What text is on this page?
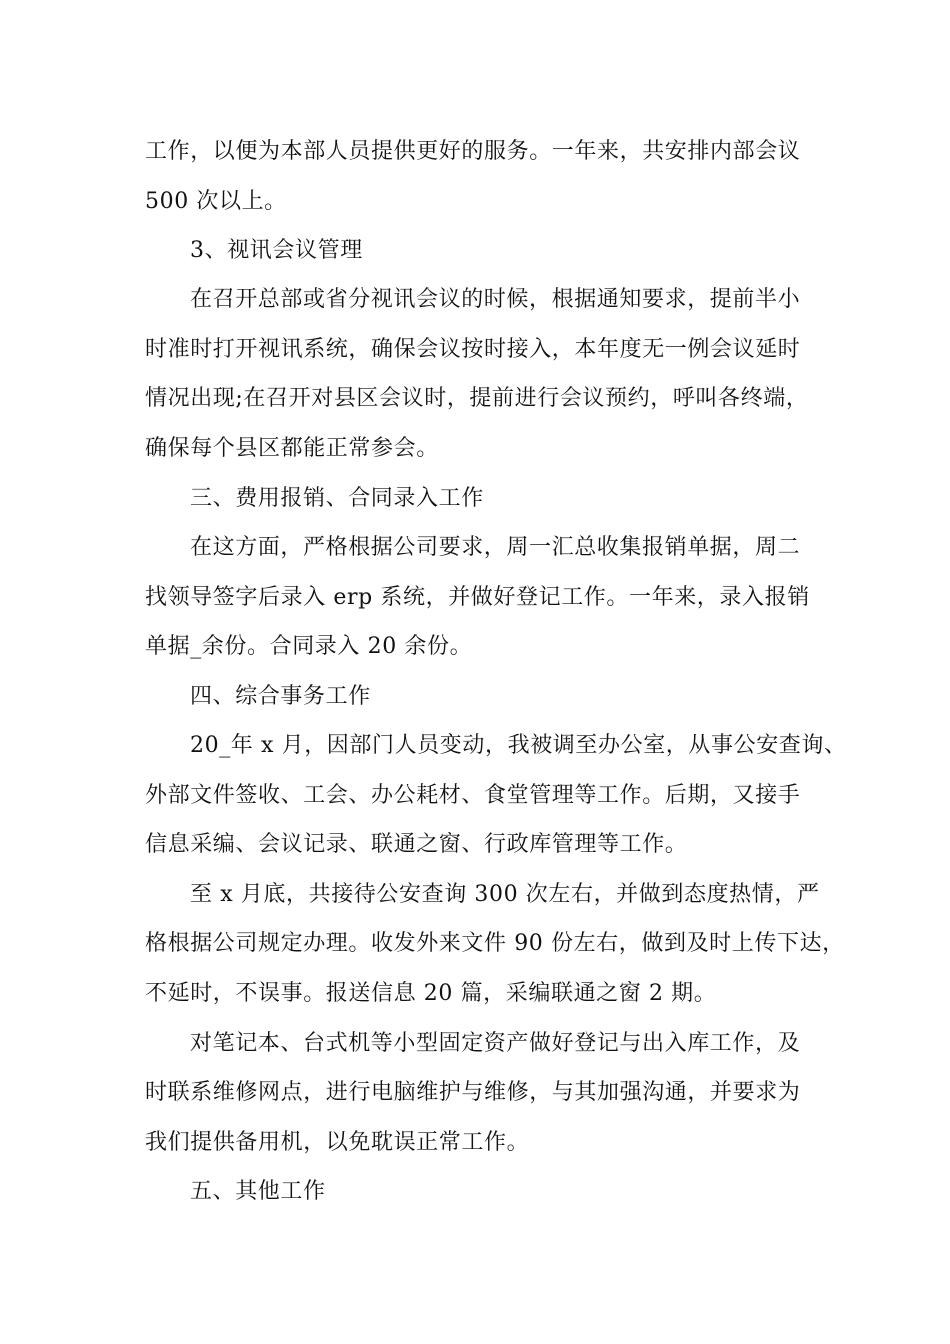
工作，以便为本部人员提供更好的服务。一年来，共安排内部会议
500 次以上。
3、视讯会议管理
在召开总部或省分视讯会议的时候，根据通知要求，提前半小
时准时打开视讯系统，确保会议按时接入，本年度无一例会议延时
情况出现;在召开对县区会议时，提前进行会议预约，呼叫各终端，
确保每个县区都能正常参会。
三、费用报销、合同录入工作
在这方面，严格根据公司要求，周一汇总收集报销单据，周二
找领导签字后录入 erp 系统，并做好登记工作。一年来，录入报销
单据_余份。合同录入 20 余份。
四、综合事务工作
20_年 x 月，因部门人员变动，我被调至办公室，从事公安查询、
外部文件签收、工会、办公耗材、食堂管理等工作。后期，又接手
信息采编、会议记录、联通之窗、行政库管理等工作。
至 x 月底，共接待公安查询 300 次左右，并做到态度热情，严
格根据公司规定办理。收发外来文件 90 份左右，做到及时上传下达，
不延时，不误事。报送信息 20 篇，采编联通之窗 2 期。
对笔记本、台式机等小型固定资产做好登记与出入库工作，及
时联系维修网点，进行电脑维护与维修，与其加强沟通，并要求为
我们提供备用机，以免耽误正常工作。
五、其他工作
